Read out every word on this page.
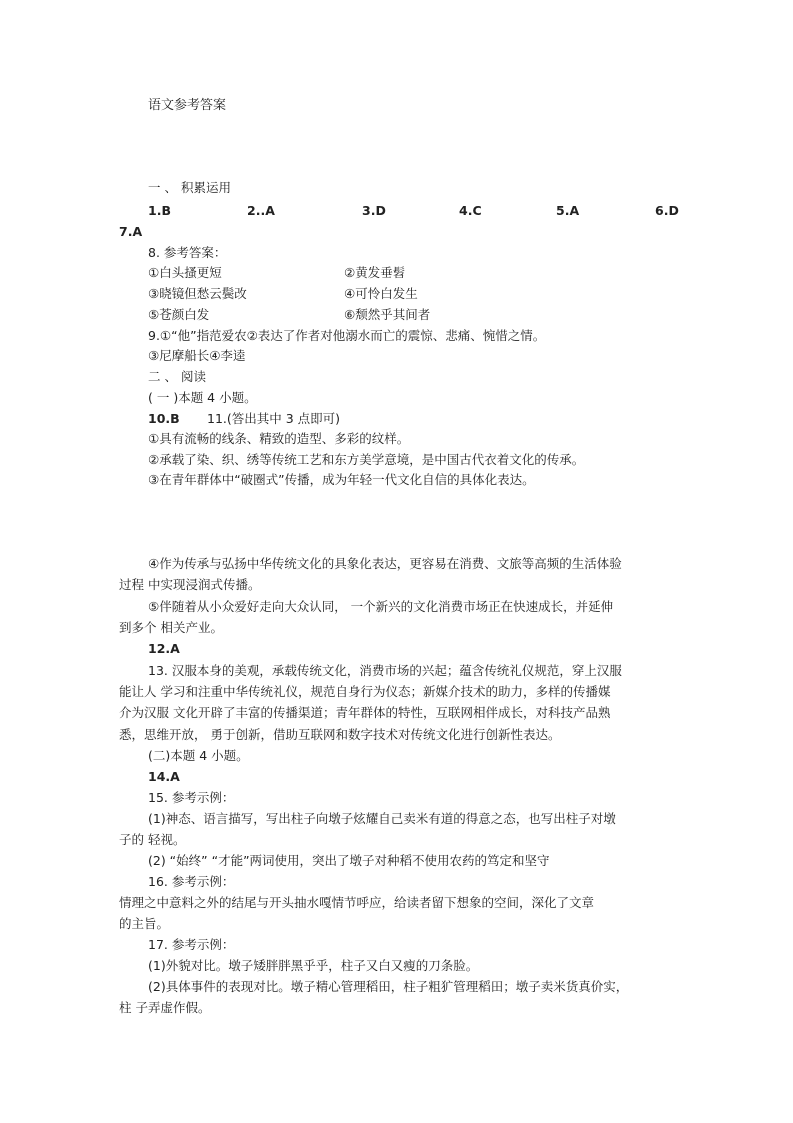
语文参考答案
一 、 积累运用
1.B	2..A	3.D	4.C	5.A	6.D
7.A
8. 参考答案：
①白头搔更短	②黄发垂髫
③晓镜但愁云鬓改	④可怜白发生
⑤苍颜白发	⑥颓然乎其间者
9.①“他”指范爱农②表达了作者对他溺水而亡的震惊、悲痛、惋惜之情。
③尼摩船长④李逵
二 、 阅读
( 一 )本题 4 小题。
10.B 11.(答出其中 3 点即可)
①具有流畅的线条、精致的造型、多彩的纹样。
②承载了染、织、绣等传统工艺和东方美学意境，是中国古代衣着文化的传承。
③在青年群体中“破圈式”传播，成为年轻一代文化自信的具体化表达。
④作为传承与弘扬中华传统文化的具象化表达，更容易在消费、文旅等高频的生活体验
过程 中实现浸润式传播。
⑤伴随着从小众爱好走向大众认同， 一个新兴的文化消费市场正在快速成长，并延伸
到多个 相关产业。
12.A
13. 汉服本身的美观，承载传统文化，消费市场的兴起；蕴含传统礼仪规范，穿上汉服
能让人 学习和注重中华传统礼仪，规范自身行为仪态；新媒介技术的助力，多样的传播媒
介为汉服 文化开辟了丰富的传播渠道；青年群体的特性，互联网相伴成长，对科技产品熟
悉，思维开放， 勇于创新，借助互联网和数字技术对传统文化进行创新性表达。
(二)本题 4 小题。
14.A
15. 参考示例：
(1)神态、语言描写，写出柱子向墩子炫耀自己卖米有道的得意之态，也写出柱子对墩
子的 轻视。
(2) “始终” “才能”两词使用，突出了墩子对种稻不使用农药的笃定和坚守
16. 参考示例：
情理之中意料之外的结尾与开头抽水嘎情节呼应，给读者留下想象的空间，深化了文章
的主旨。
17. 参考示例：
(1)外貌对比。墩子矮胖胖黑乎乎，柱子又白又瘦的刀条脸。
(2)具体事件的表现对比。墩子精心管理稻田，柱子粗犷管理稻田；墩子卖米货真价实，
柱 子弄虚作假。
